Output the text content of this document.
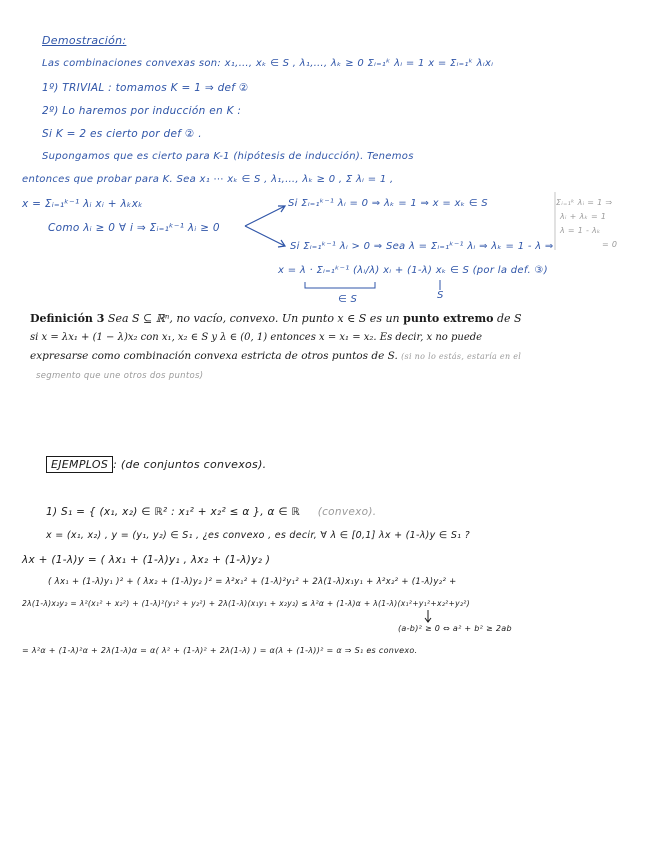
Demostración:
Las combinaciones convexas son: x₁,…, xₖ ∈ S , λ₁,…, λₖ ≥ 0 Σᵢ₌₁ᵏ λᵢ = 1 x = Σᵢ₌₁ᵏ λᵢxᵢ
1º) TRIVIAL : tomamos K = 1 ⇒ def ②
2º) Lo haremos por inducción en K :
Si K = 2 es cierto por def ② .
Supongamos que es cierto para K-1 (hipótesis de inducción). Tenemos
entonces que probar para K. Sea x₁ ⋯ xₖ ∈ S , λ₁,…, λₖ ≥ 0 , Σ λᵢ = 1 ,
x = Σᵢ₌₁ᵏ⁻¹ λᵢ xᵢ + λₖxₖ	Si Σᵢ₌₁ᵏ⁻¹ λᵢ = 0 ⇒ λₖ = 1 ⇒ x = xₖ ∈ S
Como λᵢ ≥ 0 ∀ i ⇒ Σᵢ₌₁ᵏ⁻¹ λᵢ ≥ 0
Si Σᵢ₌₁ᵏ⁻¹ λᵢ > 0 ⇒ Sea λ = Σᵢ₌₁ᵏ⁻¹ λᵢ ⇒ λₖ = 1 - λ ⇒
x = λ · Σᵢ₌₁ᵏ⁻¹ (λᵢ/λ) xᵢ + (1-λ) xₖ ∈ S (por la def. ③)
∈ S	S
Σᵢ₌₁ᵏ λᵢ = 1 ⇒
λᵢ + λₖ = 1
λ = 1 - λₖ
= 0
Definición 3 Sea S ⊆ ℝⁿ, no vacío, convexo. Un punto x ∈ S es un punto extremo de S
si x = λx₁ + (1 − λ)x₂ con x₁, x₂ ∈ S y λ ∈ (0, 1) entonces x = x₁ = x₂. Es decir, x no puede
expresarse como combinación convexa estricta de otros puntos de S. (si no lo estás, estaría en el
segmento que une otros dos puntos)
EJEMPLOS : (de conjuntos convexos).
1) S₁ = { (x₁, x₂) ∈ ℝ² : x₁² + x₂² ≤ α }, α ∈ ℝ (convexo).
x = (x₁, x₂) , y = (y₁, y₂) ∈ S₁ , ¿es convexo , es decir, ∀ λ ∈ [0,1] λx + (1-λ)y ∈ S₁ ?
λx + (1-λ)y = ( λx₁ + (1-λ)y₁ , λx₂ + (1-λ)y₂ )
( λx₁ + (1-λ)y₁ )² + ( λx₂ + (1-λ)y₂ )² = λ²x₁² + (1-λ)²y₁² + 2λ(1-λ)x₁y₁ + λ²x₂² + (1-λ)y₂² +
2λ(1-λ)x₂y₂ = λ²(x₁² + x₂²) + (1-λ)²(y₁² + y₂²) + 2λ(1-λ)(x₁y₁ + x₂y₂) ≤ λ²α + (1-λ)α + λ(1-λ)(x₁²+y₁²+x₂²+y₂²)
(a-b)² ≥ 0 ⇔ a² + b² ≥ 2ab
= λ²α + (1-λ)²α + 2λ(1-λ)α = α( λ² + (1-λ)² + 2λ(1-λ) ) = α(λ + (1-λ))² = α ⇒ S₁ es convexo.
